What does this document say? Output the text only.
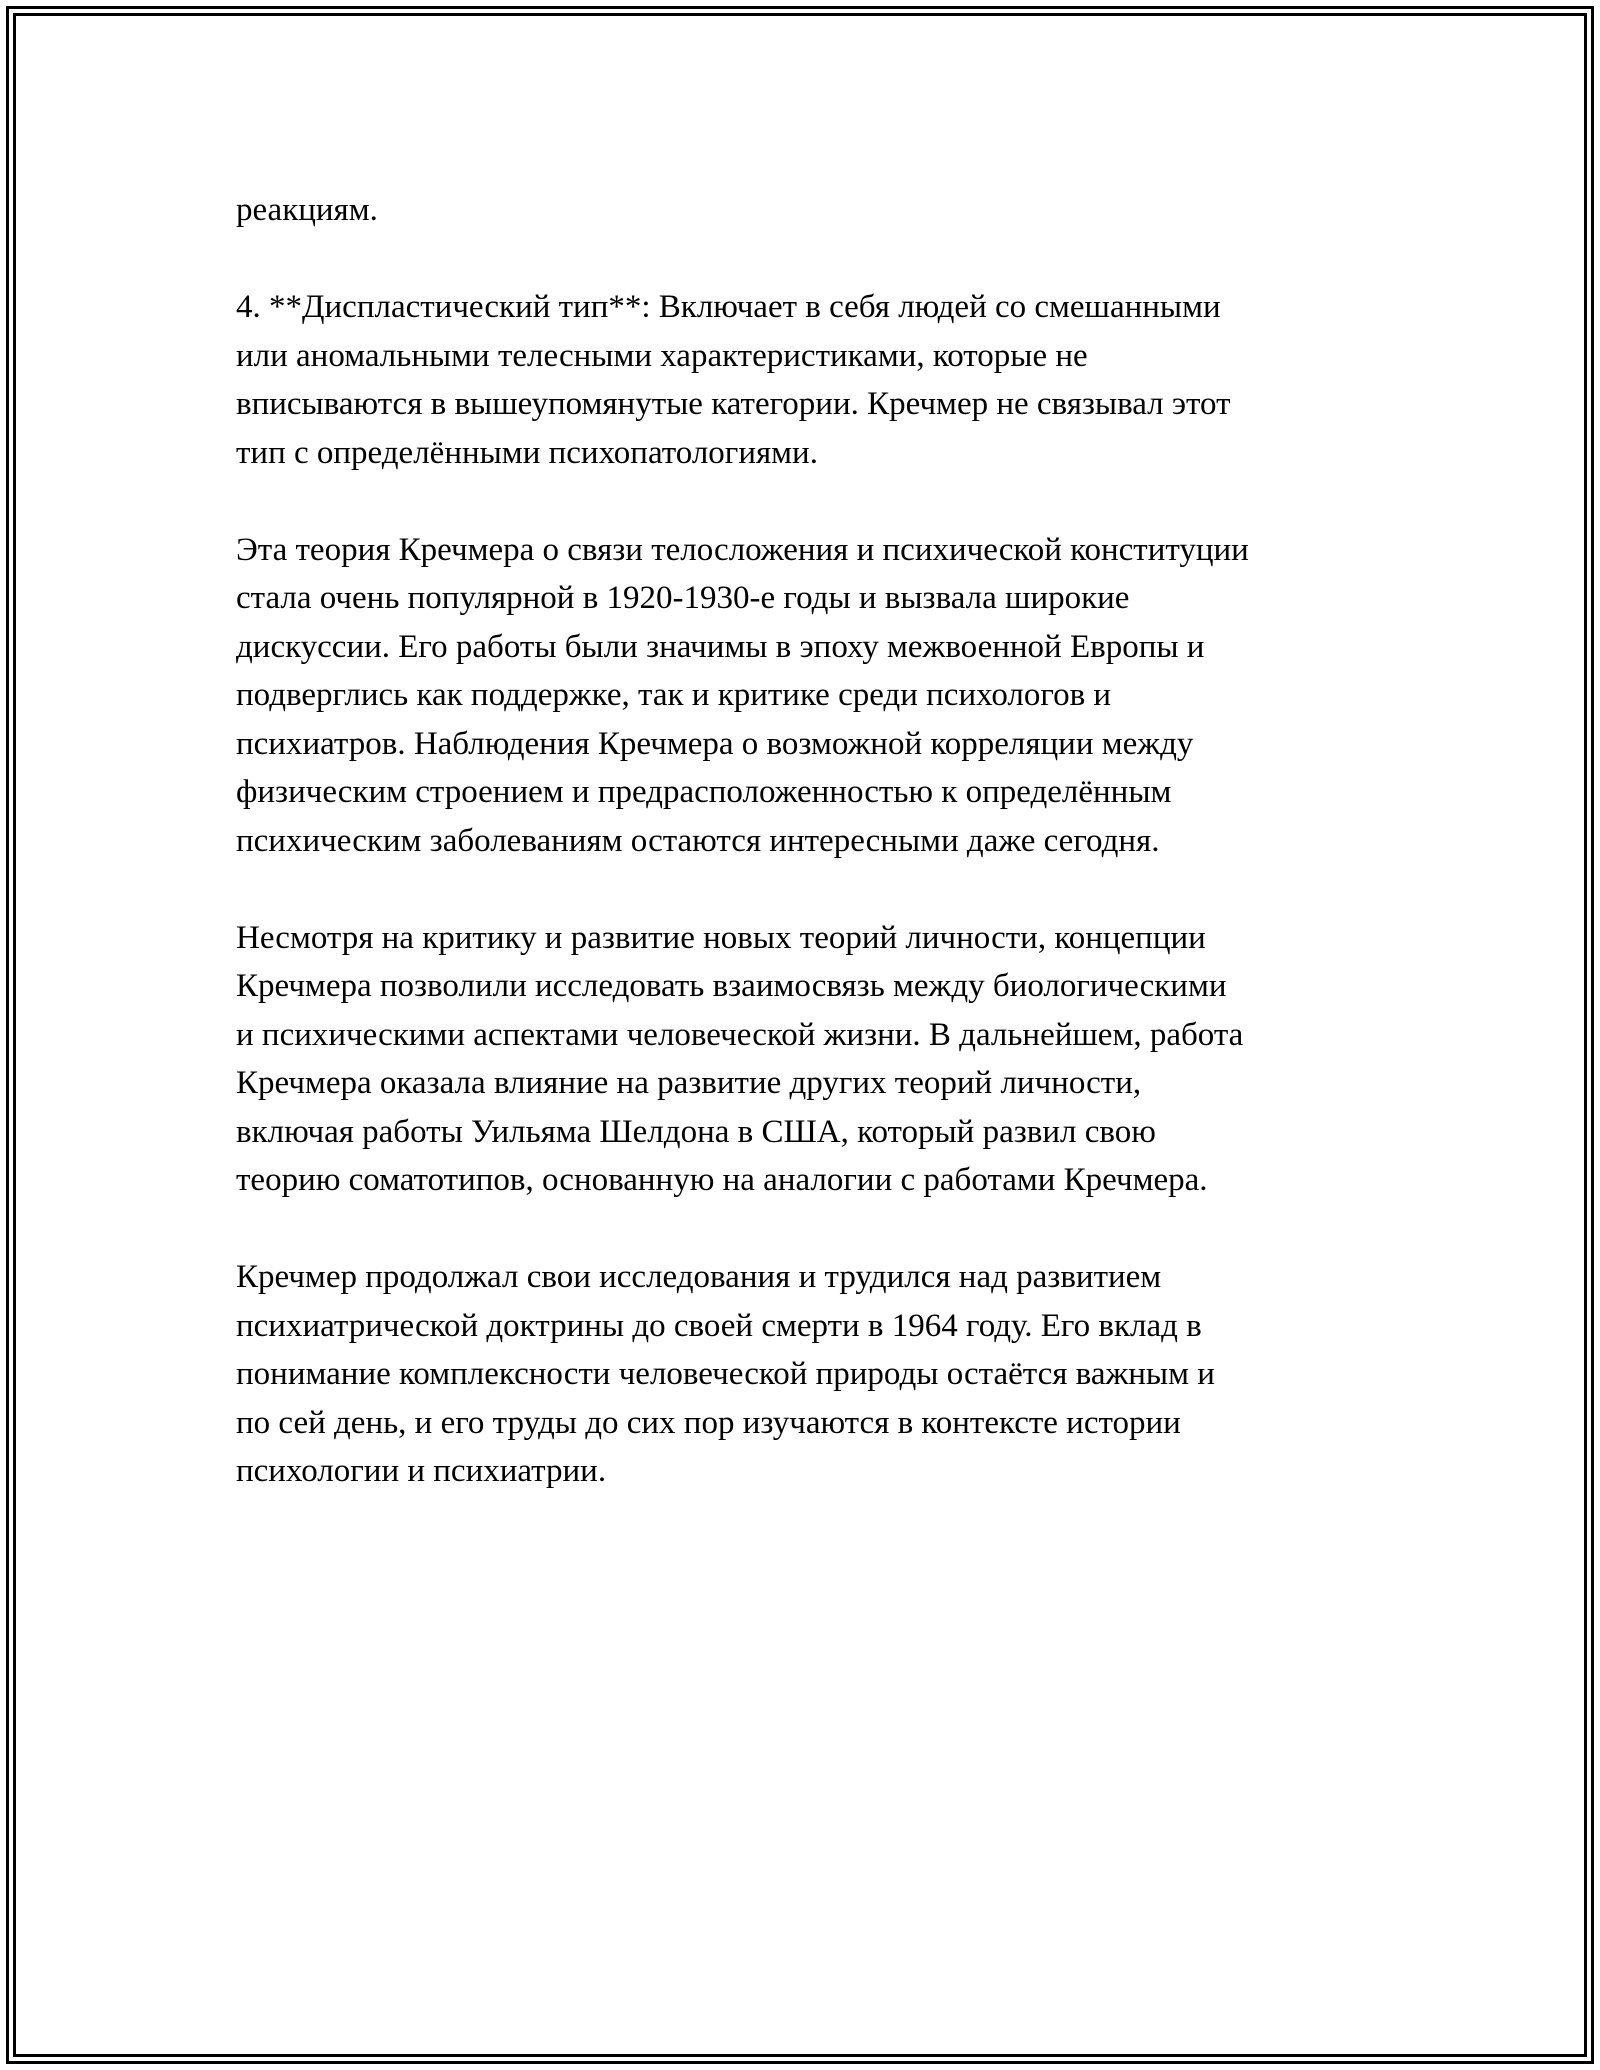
реакциям.

4. **Диспластический тип**: Включает в себя людей со смешанными
или аномальными телесными характеристиками, которые не
вписываются в вышеупомянутые категории. Кречмер не связывал этот
тип с определёнными психопатологиями.

Эта теория Кречмера о связи телосложения и психической конституции
стала очень популярной в 1920-1930-е годы и вызвала широкие
дискуссии. Его работы были значимы в эпоху межвоенной Европы и
подверглись как поддержке, так и критике среди психологов и
психиатров. Наблюдения Кречмера о возможной корреляции между
физическим строением и предрасположенностью к определённым
психическим заболеваниям остаются интересными даже сегодня.

Несмотря на критику и развитие новых теорий личности, концепции
Кречмера позволили исследовать взаимосвязь между биологическими
и психическими аспектами человеческой жизни. В дальнейшем, работа
Кречмера оказала влияние на развитие других теорий личности,
включая работы Уильяма Шелдона в США, который развил свою
теорию соматотипов, основанную на аналогии с работами Кречмера.

Кречмер продолжал свои исследования и трудился над развитием
психиатрической доктрины до своей смерти в 1964 году. Его вклад в
понимание комплексности человеческой природы остаётся важным и
по сей день, и его труды до сих пор изучаются в контексте истории
психологии и психиатрии.
